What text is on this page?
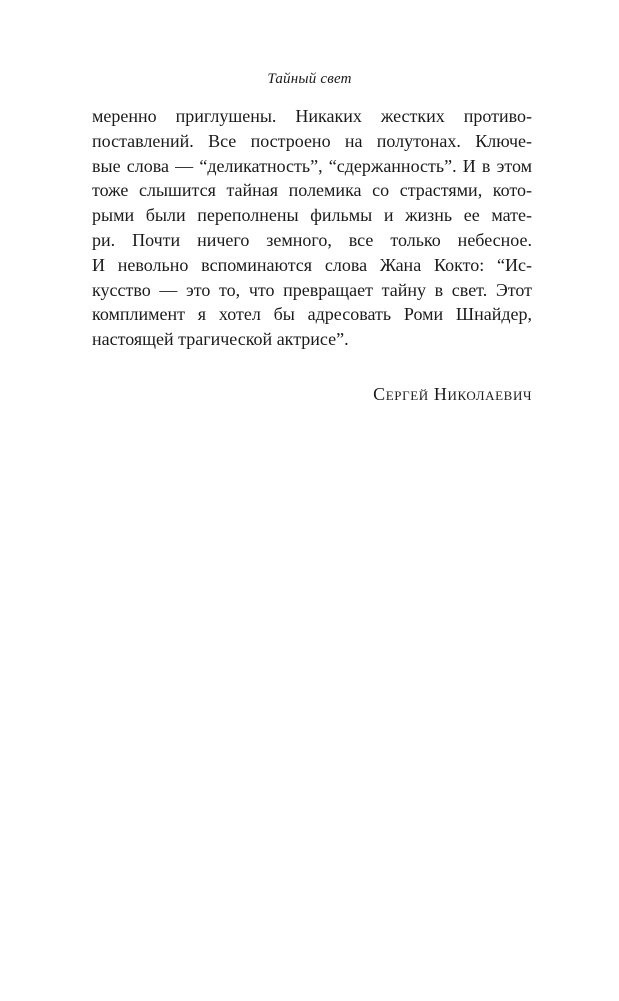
Тайный свет
меренно приглушены. Никаких жестких противо-
поставлений. Все построено на полутонах. Ключе-
вые слова — “деликатность”, “сдержанность”. И в этом
тоже слышится тайная полемика со страстями, кото-
рыми были переполнены фильмы и жизнь ее мате-
ри. Почти ничего земного, все только небесное.
И невольно вспоминаются слова Жана Кокто: “Ис-
кусство — это то, что превращает тайну в свет. Этот
комплимент я хотел бы адресовать Роми Шнайдер,
настоящей трагической актрисе”.
Сергей Николаевич
